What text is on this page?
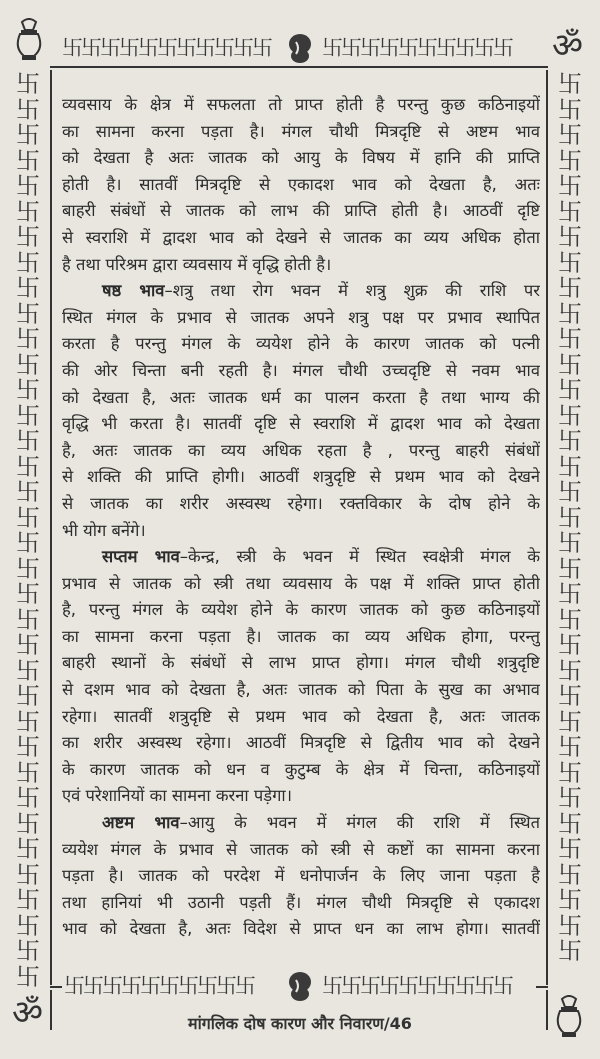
卐
卐
卐
卐
卐
卐
卐
卐
卐
卐
卐
卐
卐
卐
卐
卐
卐
卐
卐
卐
卐
卐
卐
卐
卐
卐
卐
卐
卐
卐
卐
卐
卐
卐
卐
卐
卐
卐
卐
卐
卐
卐
卐
卐
卐
卐
卐
卐
卐
卐
卐
卐
卐
卐
卐
卐
卐
卐
卐
卐
卐
卐
卐
卐
卐
卐
卐
卐
卐
卐
卐
卐 卐 卐 卐 卐 卐 卐 卐 卐 卐 卐 卐 卐 卐 卐 卐 卐 卐 卐 卐 卐
卐 卐 卐 卐 卐 卐 卐 卐 卐 卐	卐 卐 卐 卐 卐 卐 卐 卐 卐 卐
ॐ
ॐ
व्यवसाय के क्षेत्र में सफलता तो प्राप्त होती है परन्तु कुछ कठिनाइयों
का सामना करना पड़ता है। मंगल चौथी मित्रदृष्टि से अष्टम भाव
को देखता है अतः जातक को आयु के विषय में हानि की प्राप्ति
होती है। सातवीं मित्रदृष्टि से एकादश भाव को देखता है, अतः
बाहरी संबंधों से जातक को लाभ की प्राप्ति होती है। आठवीं दृष्टि
से स्वराशि में द्वादश भाव को देखने से जातक का व्यय अधिक होता
है तथा परिश्रम द्वारा व्यवसाय में वृद्धि होती है।
षष्ठ भाव–शत्रु तथा रोग भवन में शत्रु शुक्र की राशि पर
स्थित मंगल के प्रभाव से जातक अपने शत्रु पक्ष पर प्रभाव स्थापित
करता है परन्तु मंगल के व्ययेश होने के कारण जातक को पत्नी
की ओर चिन्ता बनी रहती है। मंगल चौथी उच्चदृष्टि से नवम भाव
को देखता है, अतः जातक धर्म का पालन करता है तथा भाग्य की
वृद्धि भी करता है। सातवीं दृष्टि से स्वराशि में द्वादश भाव को देखता
है, अतः जातक का व्यय अधिक रहता है , परन्तु बाहरी संबंधों
से शक्ति की प्राप्ति होगी। आठवीं शत्रुदृष्टि से प्रथम भाव को देखने
से जातक का शरीर अस्वस्थ रहेगा। रक्तविकार के दोष होने के
भी योग बनेंगे।
सप्तम भाव–केन्द्र, स्त्री के भवन में स्थित स्वक्षेत्री मंगल के
प्रभाव से जातक को स्त्री तथा व्यवसाय के पक्ष में शक्ति प्राप्त होती
है, परन्तु मंगल के व्ययेश होने के कारण जातक को कुछ कठिनाइयों
का सामना करना पड़ता है। जातक का व्यय अधिक होगा, परन्तु
बाहरी स्थानों के संबंधों से लाभ प्राप्त होगा। मंगल चौथी शत्रुदृष्टि
से दशम भाव को देखता है, अतः जातक को पिता के सुख का अभाव
रहेगा। सातवीं शत्रुदृष्टि से प्रथम भाव को देखता है, अतः जातक
का शरीर अस्वस्थ रहेगा। आठवीं मित्रदृष्टि से द्वितीय भाव को देखने
के कारण जातक को धन व कुटुम्ब के क्षेत्र में चिन्ता, कठिनाइयों
एवं परेशानियों का सामना करना पड़ेगा।
अष्टम भाव–आयु के भवन में मंगल की राशि में स्थित
व्ययेश मंगल के प्रभाव से जातक को स्त्री से कष्टों का सामना करना
पड़ता है। जातक को परदेश में धनोपार्जन के लिए जाना पड़ता है
तथा हानियां भी उठानी पड़ती हैं। मंगल चौथी मित्रदृष्टि से एकादश
भाव को देखता है, अतः विदेश से प्राप्त धन का लाभ होगा। सातवीं
मांगलिक दोष कारण और निवारण/46
